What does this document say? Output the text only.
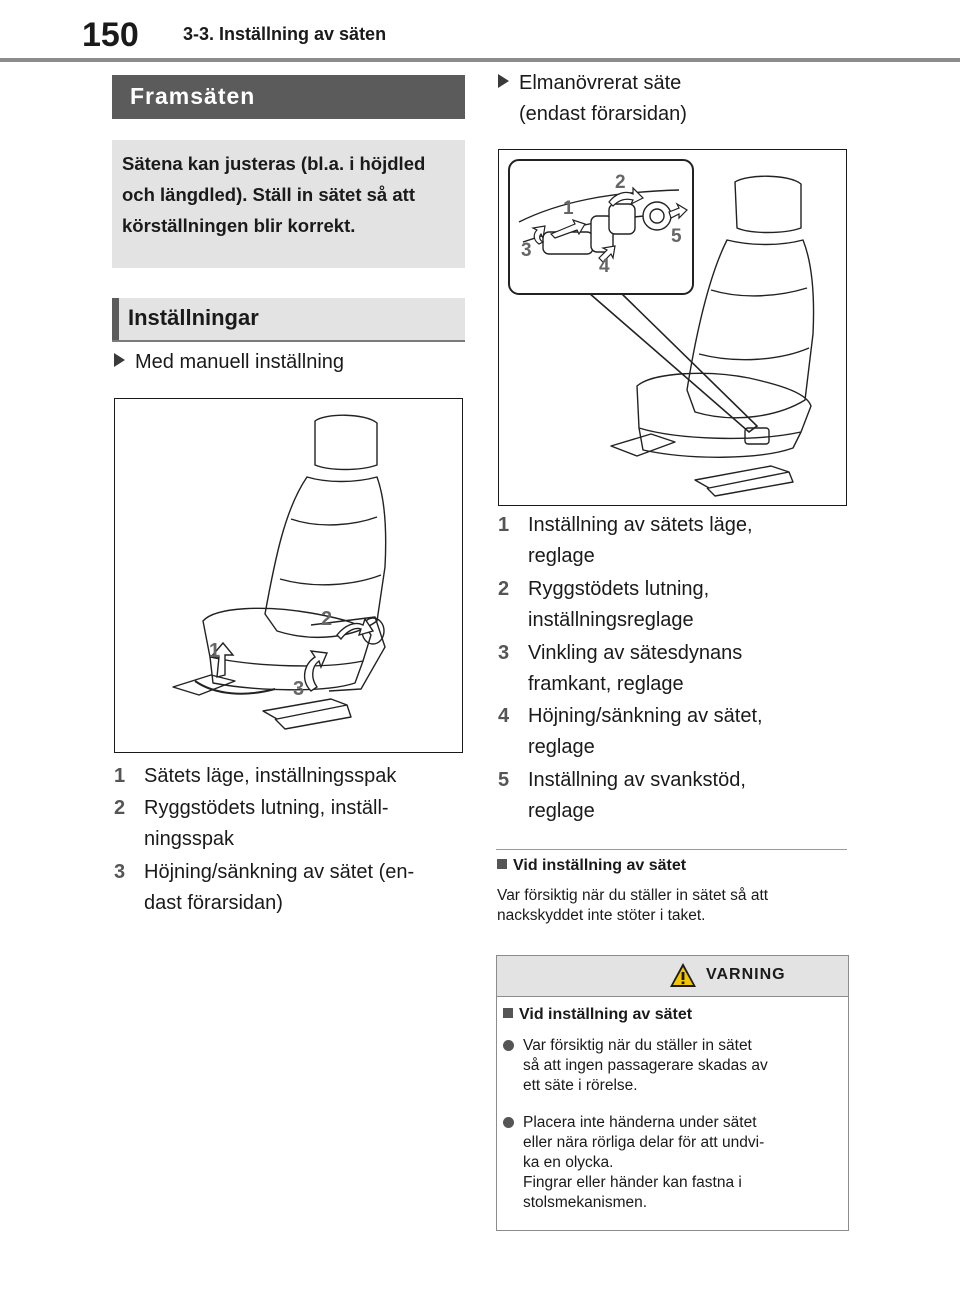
150 3-3. Inställning av säten
Framsäten

Sätena kan justeras (bl.a. i höjdled och längdled). Ställ in sätet så att körställningen blir korrekt.

Inställningar
Med manuell inställning
1
2
3
1 Sätets läge, inställningsspak
2 Ryggstödets lutning, inställ-
ningsspak
3 Höjning/sänkning av sätet (en-
dast förarsidan)
Elmanövrerat säte
(endast förarsidan)
1
2
3
4
5
1 Inställning av sätets läge,
reglage
2 Ryggstödets lutning,
inställningsreglage
3 Vinkling av sätesdynans
framkant, reglage
4 Höjning/sänkning av sätet,
reglage
5 Inställning av svankstöd,
reglage
Vid inställning av sätet
Var försiktig när du ställer in sätet så att
nackskyddet inte stöter i taket.
VARNING
Vid inställning av sätet
Var försiktig när du ställer in sätet
så att ingen passagerare skadas av
ett säte i rörelse.
Placera inte händerna under sätet
eller nära rörliga delar för att undvi-
ka en olycka.
Fingrar eller händer kan fastna i
stolsmekanismen.
